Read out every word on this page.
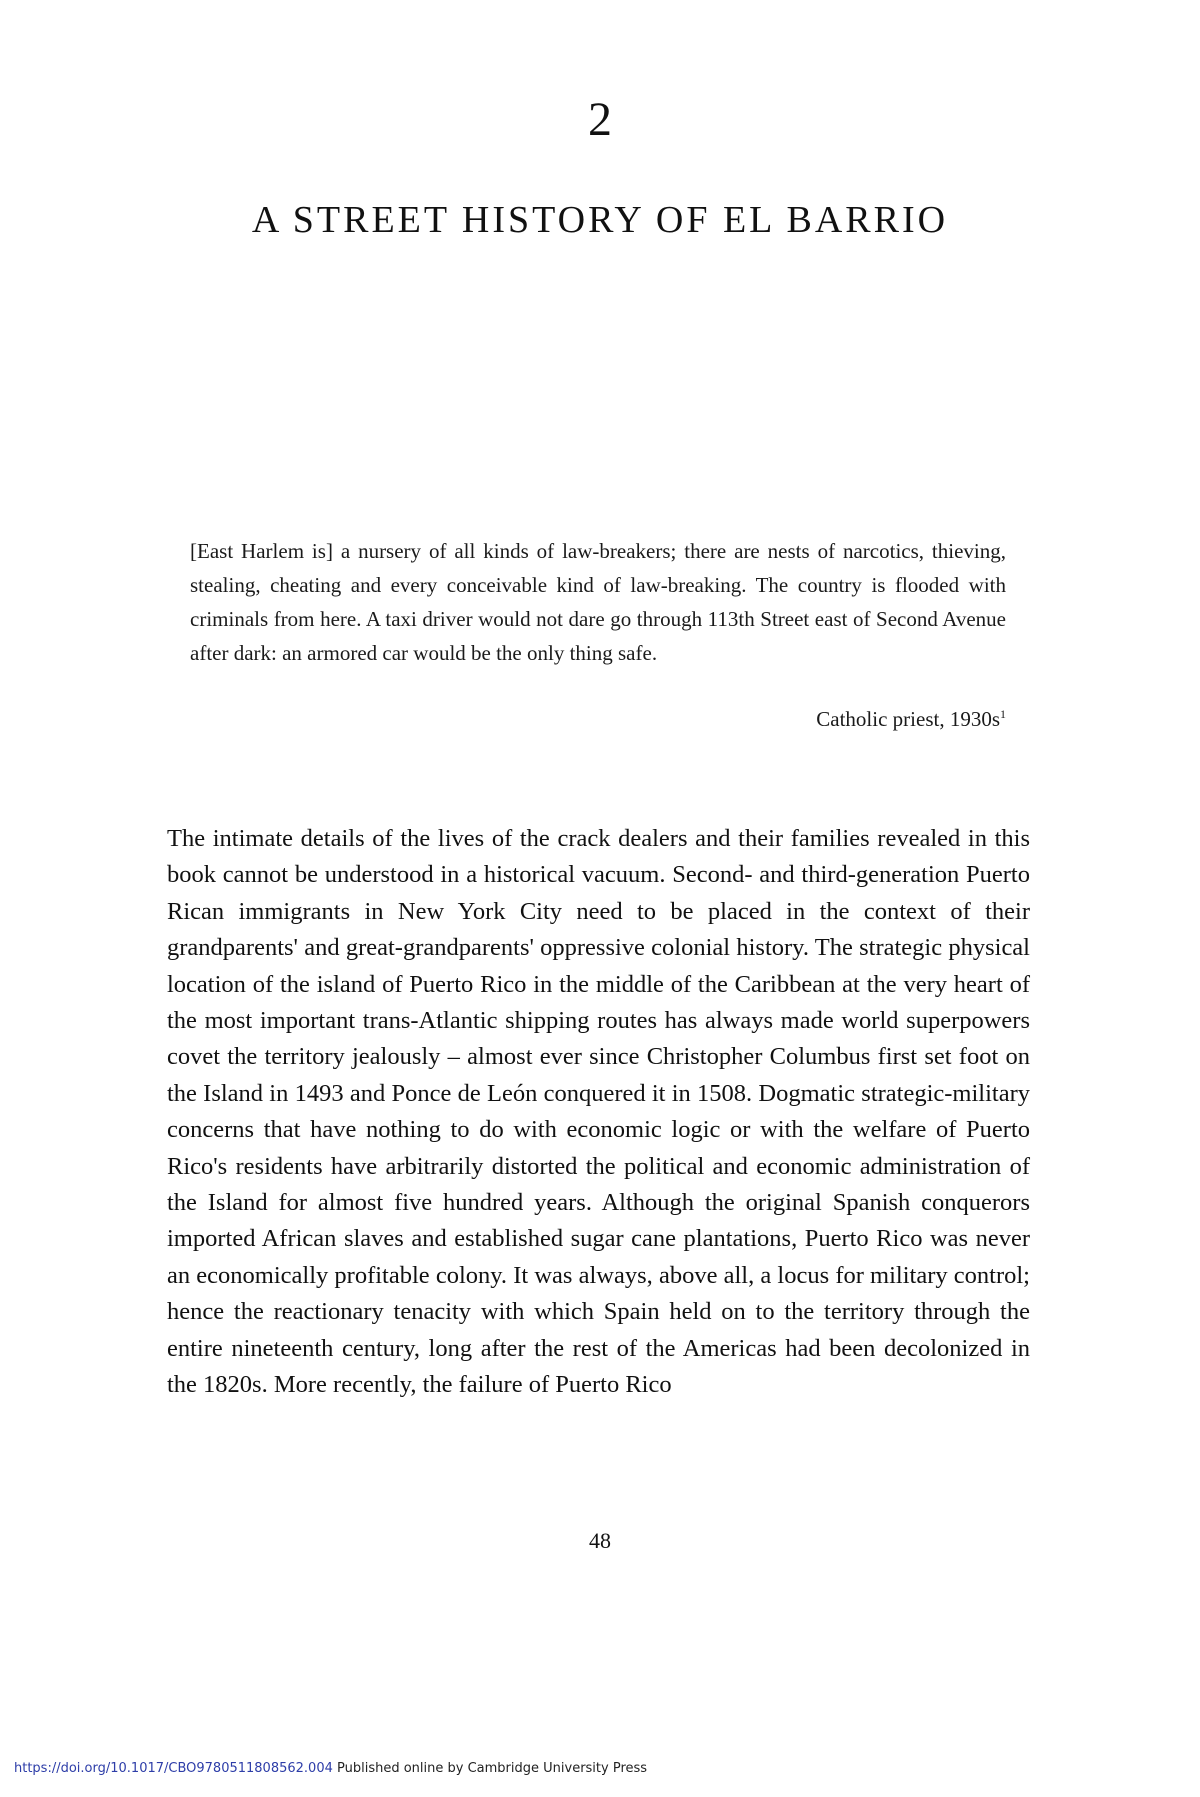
2
A STREET HISTORY OF EL BARRIO

[East Harlem is] a nursery of all kinds of law-breakers; there are nests of narcotics, thieving, stealing, cheating and every conceivable kind of law-breaking. The country is flooded with criminals from here. A taxi driver would not dare go through 113th Street east of Second Avenue after dark: an armored car would be the only thing safe.

Catholic priest, $1930s^1$

The intimate details of the lives of the crack dealers and their families revealed in this book cannot be understood in a historical vacuum. Second- and third-generation Puerto Rican immigrants in New York City need to be placed in the context of their grandparents' and great-grandparents' oppressive colonial history. The strategic physical location of the island of Puerto Rico in the middle of the Caribbean at the very heart of the most important trans-Atlantic shipping routes has always made world superpowers covet the territory jealously – almost ever since Christopher Columbus first set foot on the Island in 1493 and Ponce de León conquered it in 1508. Dogmatic strategic-military concerns that have nothing to do with economic logic or with the welfare of Puerto Rico's residents have arbitrarily distorted the political and economic administration of the Island for almost five hundred years. Although the original Spanish conquerors imported African slaves and established sugar cane plantations, Puerto Rico was never an economically profitable colony. It was always, above all, a locus for military control; hence the reactionary tenacity with which Spain held on to the territory through the entire nineteenth century, long after the rest of the Americas had been decolonized in the 1820s. More recently, the failure of Puerto Rico

48
https://doi.org/10.1017/CBO9780511808562.004 Published online by Cambridge University Press
